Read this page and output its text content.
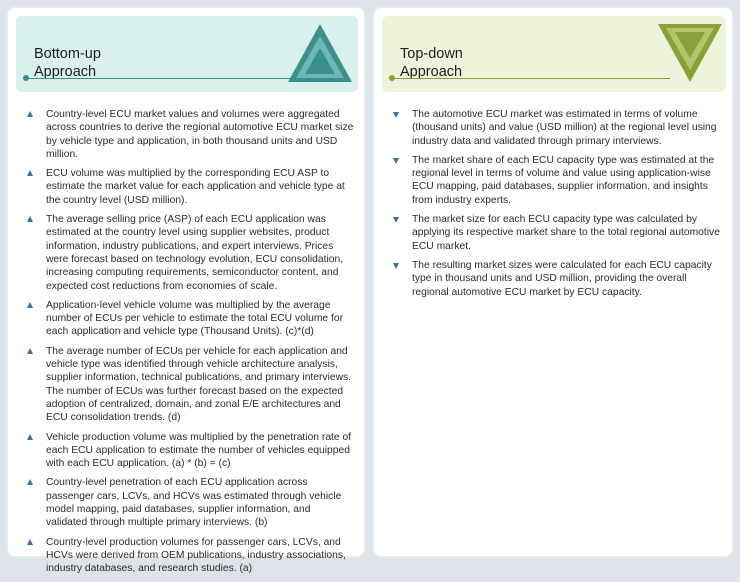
Bottom-up
Approach
Country-level ECU market values and volumes were aggregated across countries to derive the regional automotive ECU market size by vehicle type and application, in both thousand units and USD million.
ECU volume was multiplied by the corresponding ECU ASP to estimate the market value for each application and vehicle type at the country level (USD million).
The average selling price (ASP) of each ECU application was estimated at the country level using supplier websites, product information, industry publications, and expert interviews. Prices were forecast based on technology evolution, ECU consolidation, increasing computing requirements, semiconductor content, and expected cost reductions from economies of scale.
Application-level vehicle volume was multiplied by the average number of ECUs per vehicle to estimate the total ECU volume for each application and vehicle type (Thousand Units). (c)*(d)
The average number of ECUs per vehicle for each application and vehicle type was identified through vehicle architecture analysis, supplier information, technical publications, and primary interviews. The number of ECUs was further forecast based on the expected adoption of centralized, domain, and zonal E/E architectures and ECU consolidation trends. (d)
Vehicle production volume was multiplied by the penetration rate of each ECU application to estimate the number of vehicles equipped with each ECU application. (a) * (b) = (c)
Country-level penetration of each ECU application across passenger cars, LCVs, and HCVs was estimated through vehicle model mapping, paid databases, supplier information, and validated through multiple primary interviews. (b)
Country-level production volumes for passenger cars, LCVs, and HCVs were derived from OEM publications, industry associations, industry databases, and research studies. (a)
Top-down
Approach
The automotive ECU market was estimated in terms of volume (thousand units) and value (USD million) at the regional level using industry data and validated through primary interviews.
The market share of each ECU capacity type was estimated at the regional level in terms of volume and value using application-wise ECU mapping, paid databases, supplier information, and insights from industry experts.
The market size for each ECU capacity type was calculated by applying its respective market share to the total regional automotive ECU market.
The resulting market sizes were calculated for each ECU capacity type in thousand units and USD million, providing the overall regional automotive ECU market by ECU capacity.
